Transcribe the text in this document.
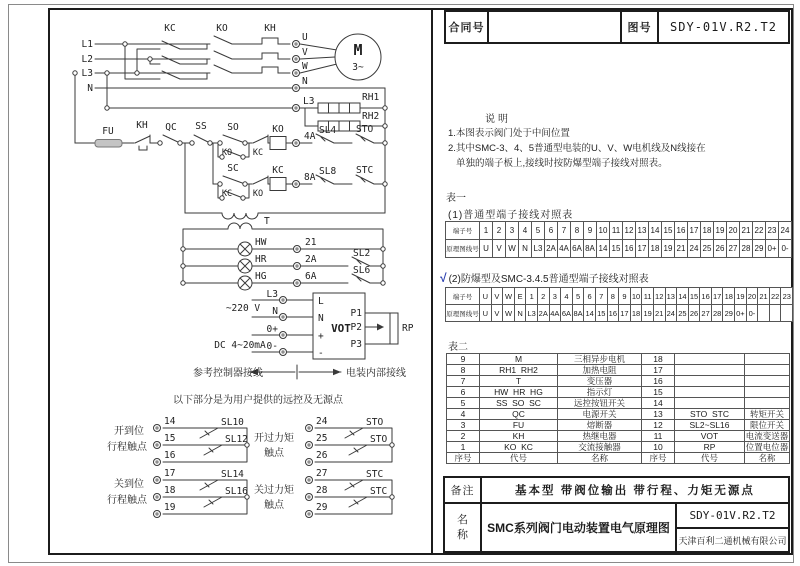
合同号	图号 SDY-01V.R2.T2
说明
1.本图表示阀门处于中间位置
2.其中SMC-3、4、5普通型电装的U、V、W电机线及N线接在
单独的端子板上,接线时按防爆型端子接线对照表。
表一
(1)普通型端子接线对照表
端子号	1	2	3	4	5	6	7	8	9	10	11	12	13	14	15	16	17	18	19	20	21	22	23	24
原理图线号	U	V	W	N	L3	2A	4A	6A	8A	14	15	16	17	18	19	21	24	25	26	27	28	29	0+	0-
√ (2)防爆型及SMC-3.4.5普通型端子接线对照表
端子号	U	V	W	E	1	2	3	4	5	6	7	8	9	10	11	12	13	14	15	16	17	18	19	20	21	22	23
原理图线号	U	V	W	N	L3	2A	4A	6A	8A	14	15	16	17	18	19	21	24	25	26	27	28	29	0+	0-			
表二
9	M	三相异步电机	18		
8	RH1  RH2	加热电阻	17		
7	T	变压器	16		
6	HW  HR  HG	指示灯	15		
5	SS  SO  SC	远控按钮开关	14		
4	QC	电源开关	13	STO  STC	转矩开关
3	FU	熔断器	12	SL2~SL16	限位开关
2	KH	热继电器	11	VOT	电流变送器
1	KO  KC	交流接触器	10	RP	位置电位器
序号	代号	名称	序号	代号	名称
备注	基本型 带阀位输出 带行程、力矩无源点
名
称 SMC系列阀门电动装置电气原理图
SDY-01V.R2.T2
天津百利二通机械有限公司
M
3~
L1
L2
L3
N
KC	KO	KH
U
V
W
N
L3	RH1
RH2
FU
KH QC SS SO
KO KC
KO
4A
SL4 STO
SC
KC KO
KC
8A
SL8 STC
T
HW
HR
HG
21
2A
6A
SL2
SL6
~220 V
L3
N
0+
0-
DC 4~20mA
L
N
+
-
VOT
P1
P2
P3
RP
参考控制器接线	电装内部接线
以下部分是为用户提供的远控及无源点
开到位
行程触点
关到位
行程触点
开过力矩
触点
关过力矩
触点
14
15
16
17
18
19
24
25
26
27
28
29
SL10
SL12
SL14
SL16
STO
STO
STC
STC
